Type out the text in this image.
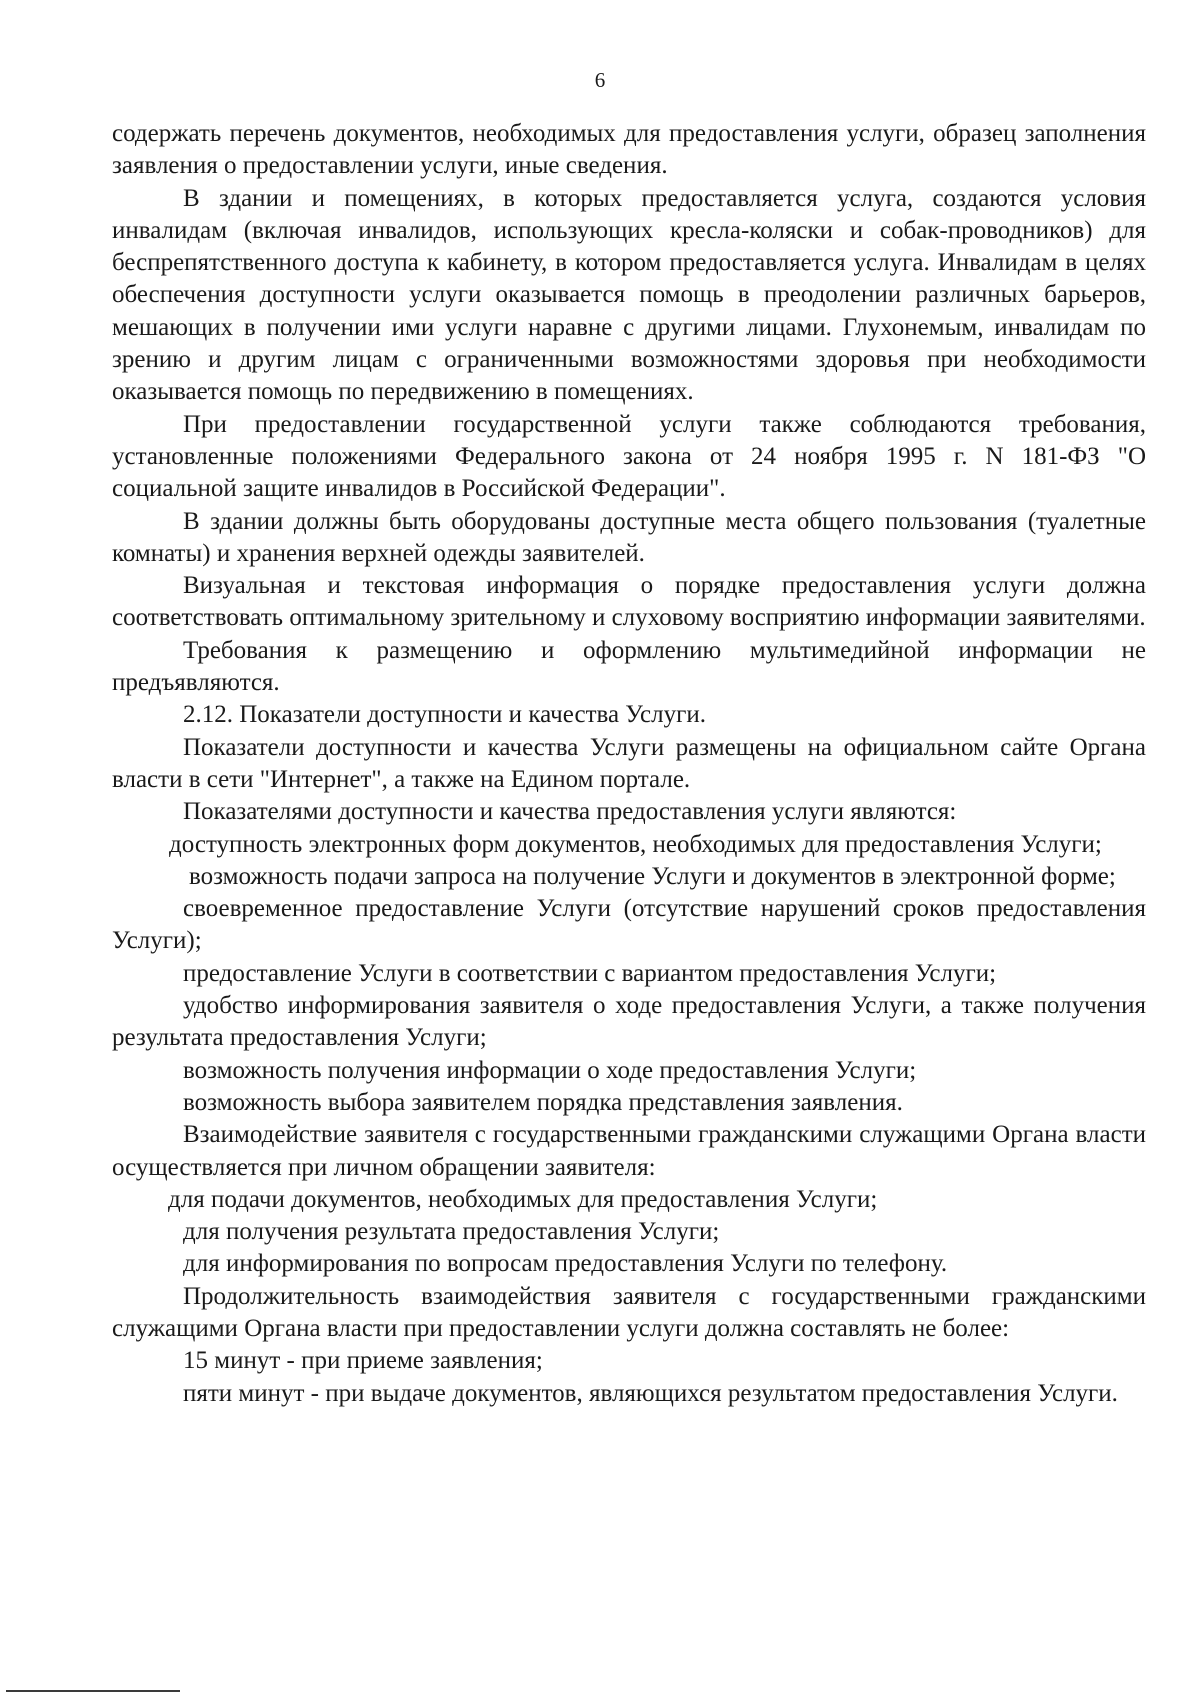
6

содержать перечень документов, необходимых для предоставления услуги, образец заполнения заявления о предоставлении услуги, иные сведения.

В здании и помещениях, в которых предоставляется услуга, создаются условия инвалидам (включая инвалидов, использующих кресла-коляски и собак-проводников) для беспрепятственного доступа к кабинету, в котором предоставляется услуга. Инвалидам в целях обеспечения доступности услуги оказывается помощь в преодолении различных барьеров, мешающих в получении ими услуги наравне с другими лицами. Глухонемым, инвалидам по зрению и другим лицам с ограниченными возможностями здоровья при необходимости оказывается помощь по передвижению в помещениях.

При предоставлении государственной услуги также соблюдаются требования, установленные положениями Федерального закона от 24 ноября 1995 г. N 181-ФЗ "О социальной защите инвалидов в Российской Федерации".

В здании должны быть оборудованы доступные места общего пользования (туалетные комнаты) и хранения верхней одежды заявителей.

Визуальная и текстовая информация о порядке предоставления услуги должна соответствовать оптимальному зрительному и слуховому восприятию информации заявителями.

Требования к размещению и оформлению мультимедийной информации не предъявляются.

2.12. Показатели доступности и качества Услуги.

Показатели доступности и качества Услуги размещены на официальном сайте Органа власти в сети "Интернет", а также на Едином портале.

Показателями доступности и качества предоставления услуги являются:

доступность электронных форм документов, необходимых для предоставления Услуги;

возможность подачи запроса на получение Услуги и документов в электронной форме;

своевременное предоставление Услуги (отсутствие нарушений сроков предоставления Услуги);

предоставление Услуги в соответствии с вариантом предоставления Услуги;

удобство информирования заявителя о ходе предоставления Услуги, а также получения результата предоставления Услуги;

возможность получения информации о ходе предоставления Услуги;

возможность выбора заявителем порядка представления заявления.

Взаимодействие заявителя с государственными гражданскими служащими Органа власти осуществляется при личном обращении заявителя:

для подачи документов, необходимых для предоставления Услуги;

для получения результата предоставления Услуги;

для информирования по вопросам предоставления Услуги по телефону.

Продолжительность взаимодействия заявителя с государственными гражданскими служащими Органа власти при предоставлении услуги должна составлять не более:

15 минут - при приеме заявления;

пяти минут - при выдаче документов, являющихся результатом предоставления Услуги.
